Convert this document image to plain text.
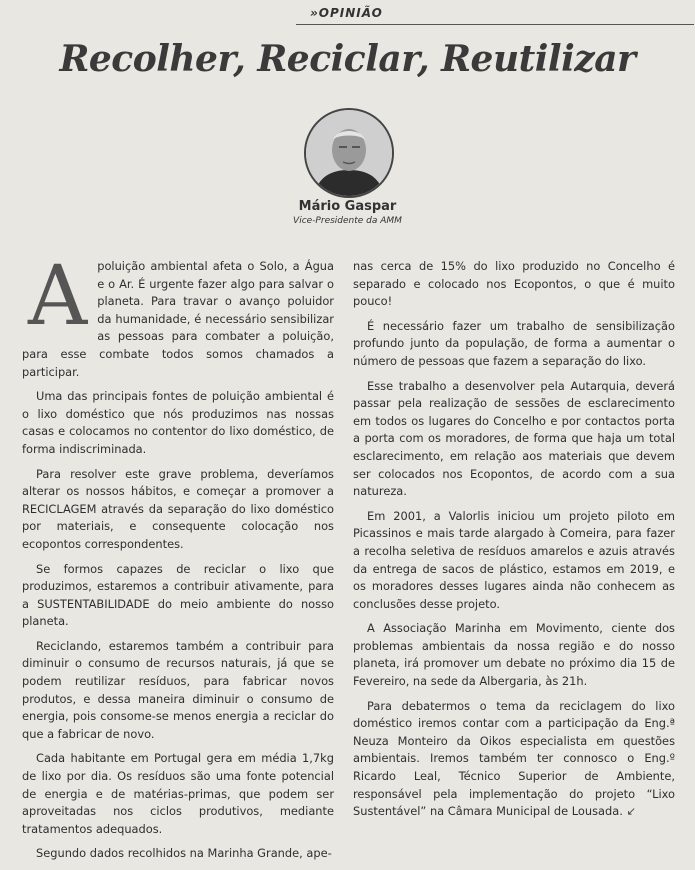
»OPINIÃO
Recolher, Reciclar, Reutilizar
Mário Gaspar
Vice-Presidente da AMM

Apoluição ambiental afeta o Solo, a Água e o Ar. É urgente fazer algo para salvar o planeta. Para travar o avanço poluidor da humanidade, é necessário sensibilizar as pessoas para combater a poluição, para esse combate todos somos chamados a participar.

Uma das principais fontes de poluição ambiental é o lixo doméstico que nós produzimos nas nossas casas e colocamos no contentor do lixo doméstico, de forma indiscriminada.

Para resolver este grave problema, deveríamos alterar os nossos hábitos, e começar a promover a RECICLAGEM através da separação do lixo doméstico por materiais, e consequente colocação nos ecopontos correspondentes.

Se formos capazes de reciclar o lixo que produzimos, estaremos a contribuir ativamente, para a SUSTENTABILIDADE do meio ambiente do nosso planeta.

Reciclando, estaremos também a contribuir para diminuir o consumo de recursos naturais, já que se podem reutilizar resíduos, para fabricar novos produtos, e dessa maneira diminuir o consumo de energia, pois consome-se menos energia a reciclar do que a fabricar de novo.

Cada habitante em Portugal gera em média 1,7kg de lixo por dia. Os resíduos são uma fonte potencial de energia e de matérias-primas, que podem ser aproveitadas nos ciclos produtivos, mediante tratamentos adequados.

Segundo dados recolhidos na Marinha Grande, ape-

nas cerca de 15% do lixo produzido no Concelho é separado e colocado nos Ecopontos, o que é muito pouco!

É necessário fazer um trabalho de sensibilização profundo junto da população, de forma a aumentar o número de pessoas que fazem a separação do lixo.

Esse trabalho a desenvolver pela Autarquia, deverá passar pela realização de sessões de esclarecimento em todos os lugares do Concelho e por contactos porta a porta com os moradores, de forma que haja um total esclarecimento, em relação aos materiais que devem ser colocados nos Ecopontos, de acordo com a sua natureza.

Em 2001, a Valorlis iniciou um projeto piloto em Picassinos e mais tarde alargado à Comeira, para fazer a recolha seletiva de resíduos amarelos e azuis através da entrega de sacos de plástico, estamos em 2019, e os moradores desses lugares ainda não conhecem as conclusões desse projeto.

A Associação Marinha em Movimento, ciente dos problemas ambientais da nossa região e do nosso planeta, irá promover um debate no próximo dia 15 de Fevereiro, na sede da Albergaria, às 21h.

Para debatermos o tema da reciclagem do lixo doméstico iremos contar com a participação da Eng.ª Neuza Monteiro da Oikos especialista em questões ambientais. Iremos também ter connosco o Eng.º Ricardo Leal, Técnico Superior de Ambiente, responsável pela implementação do projeto “Lixo Sustentável” na Câmara Municipal de Lousada. ↙
